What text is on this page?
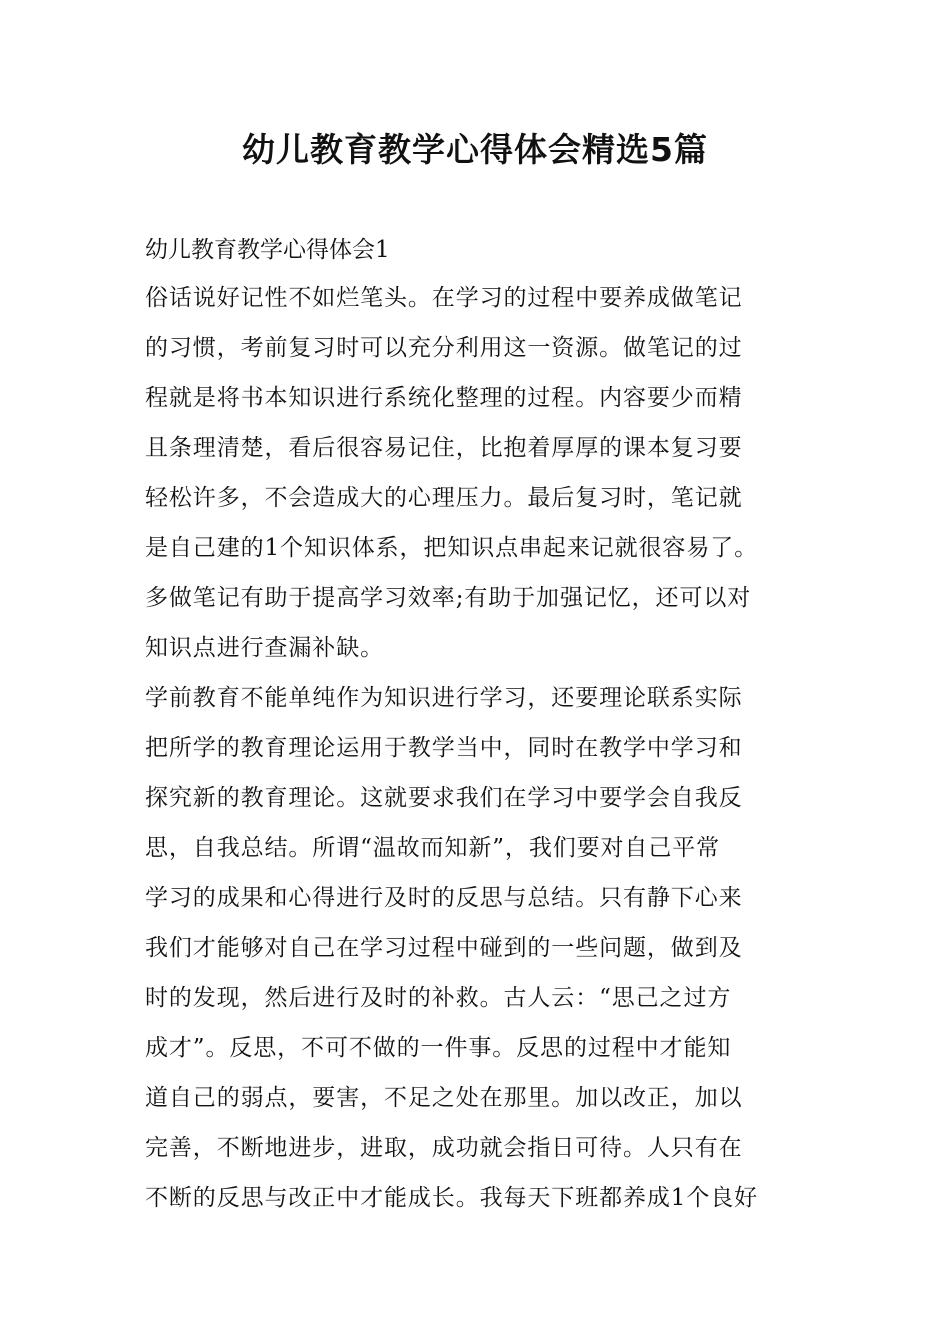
幼儿教育教学心得体会精选5篇
幼儿教育教学心得体会1
俗话说好记性不如烂笔头。在学习的过程中要养成做笔记
的习惯，考前复习时可以充分利用这一资源。做笔记的过
程就是将书本知识进行系统化整理的过程。内容要少而精
且条理清楚，看后很容易记住，比抱着厚厚的课本复习要
轻松许多，不会造成大的心理压力。最后复习时，笔记就
是自己建的1个知识体系，把知识点串起来记就很容易了。
多做笔记有助于提高学习效率;有助于加强记忆，还可以对
知识点进行查漏补缺。
学前教育不能单纯作为知识进行学习，还要理论联系实际
把所学的教育理论运用于教学当中，同时在教学中学习和
探究新的教育理论。这就要求我们在学习中要学会自我反
思，自我总结。所谓“温故而知新”，我们要对自己平常
学习的成果和心得进行及时的反思与总结。只有静下心来
我们才能够对自己在学习过程中碰到的一些问题，做到及
时的发现，然后进行及时的补救。古人云：“思己之过方
成才”。反思，不可不做的一件事。反思的过程中才能知
道自己的弱点，要害，不足之处在那里。加以改正，加以
完善，不断地进步，进取，成功就会指日可待。人只有在
不断的反思与改正中才能成长。我每天下班都养成1个良好
